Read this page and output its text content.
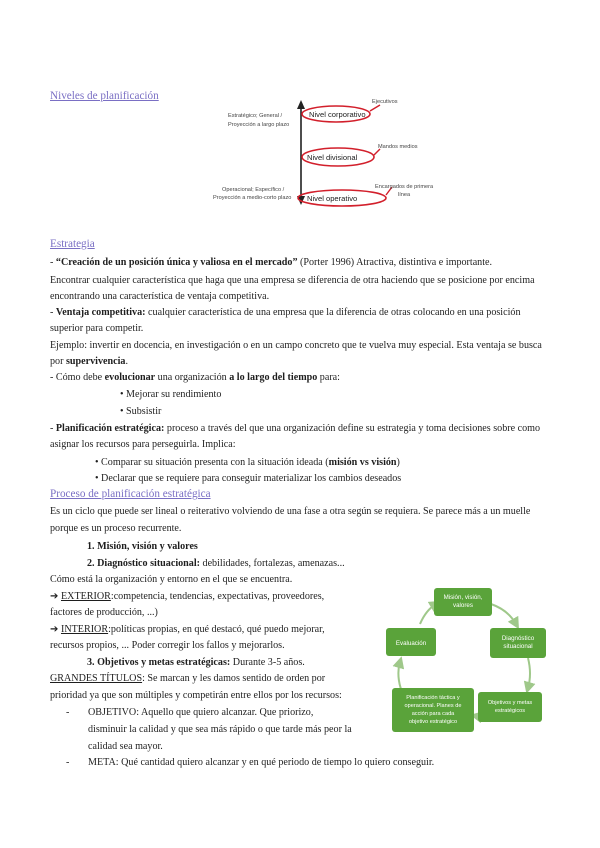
Niveles de planificación
Nivel corporativo
Nivel divisional
Nivel operativo
Estratégico; General /
Proyección a largo plazo
Operacional; Específico /
Proyección a medio-corto plazo
Ejecutivos
Mandos medios
Encargados de primera
línea
Estrategia
- “Creación de un posición única y valiosa en el mercado” (Porter 1996) Atractiva, distintiva e importante.
Encontrar cualquier característica que haga que una empresa se diferencia de otra haciendo que se posicione por encima
encontrando una característica de ventaja competitiva.
- Ventaja competitiva: cualquier característica de una empresa que la diferencia de otras colocando en una posición
superior para competir.
Ejemplo: invertir en docencia, en investigación o en un campo concreto que te vuelva muy especial. Esta ventaja se busca
por supervivencia.
- Cómo debe evolucionar una organización a lo largo del tiempo para:
• Mejorar su rendimiento
• Subsistir
- Planificación estratégica: proceso a través del que una organización define su estrategia y toma decisiones sobre como
asignar los recursos para perseguirla. Implica:
• Comparar su situación presenta con la situación ideada (misión vs visión)
• Declarar que se requiere para conseguir materializar los cambios deseados
Proceso de planificación estratégica
Es un ciclo que puede ser lineal o reiterativo volviendo de una fase a otra según se requiera. Se parece más a un muelle
porque es un proceso recurrente.
1. Misión, visión y valores
2. Diagnóstico situacional: debilidades, fortalezas, amenazas...
Cómo está la organización y entorno en el que se encuentra.
➔ EXTERIOR:competencia, tendencias, expectativas, proveedores,
factores de producción, ...)
➔ INTERIOR:políticas propias, en qué destacó, qué puedo mejorar,
recursos propios, ... Poder corregir los fallos y mejorarlos.
3. Objetivos y metas estratégicas: Durante 3-5 años.
GRANDES TÍTULOS: Se marcan y les damos sentido de orden por
prioridad ya que son múltiples y competirán entre ellos por los recursos:
- OBJETIVO: Aquello que quiero alcanzar. Que priorizo,
disminuir la calidad y que sea más rápido o que tarde más peor la
calidad sea mayor.
- META: Qué cantidad quiero alcanzar y en qué periodo de tiempo lo quiero conseguir.
Misión, visión,
valores
Diagnóstico
situacional
Objetivos y metas
estratégicos
Planificación táctica y
operacional. Planes de
acción para cada
objetivo estratégico
Evaluación
